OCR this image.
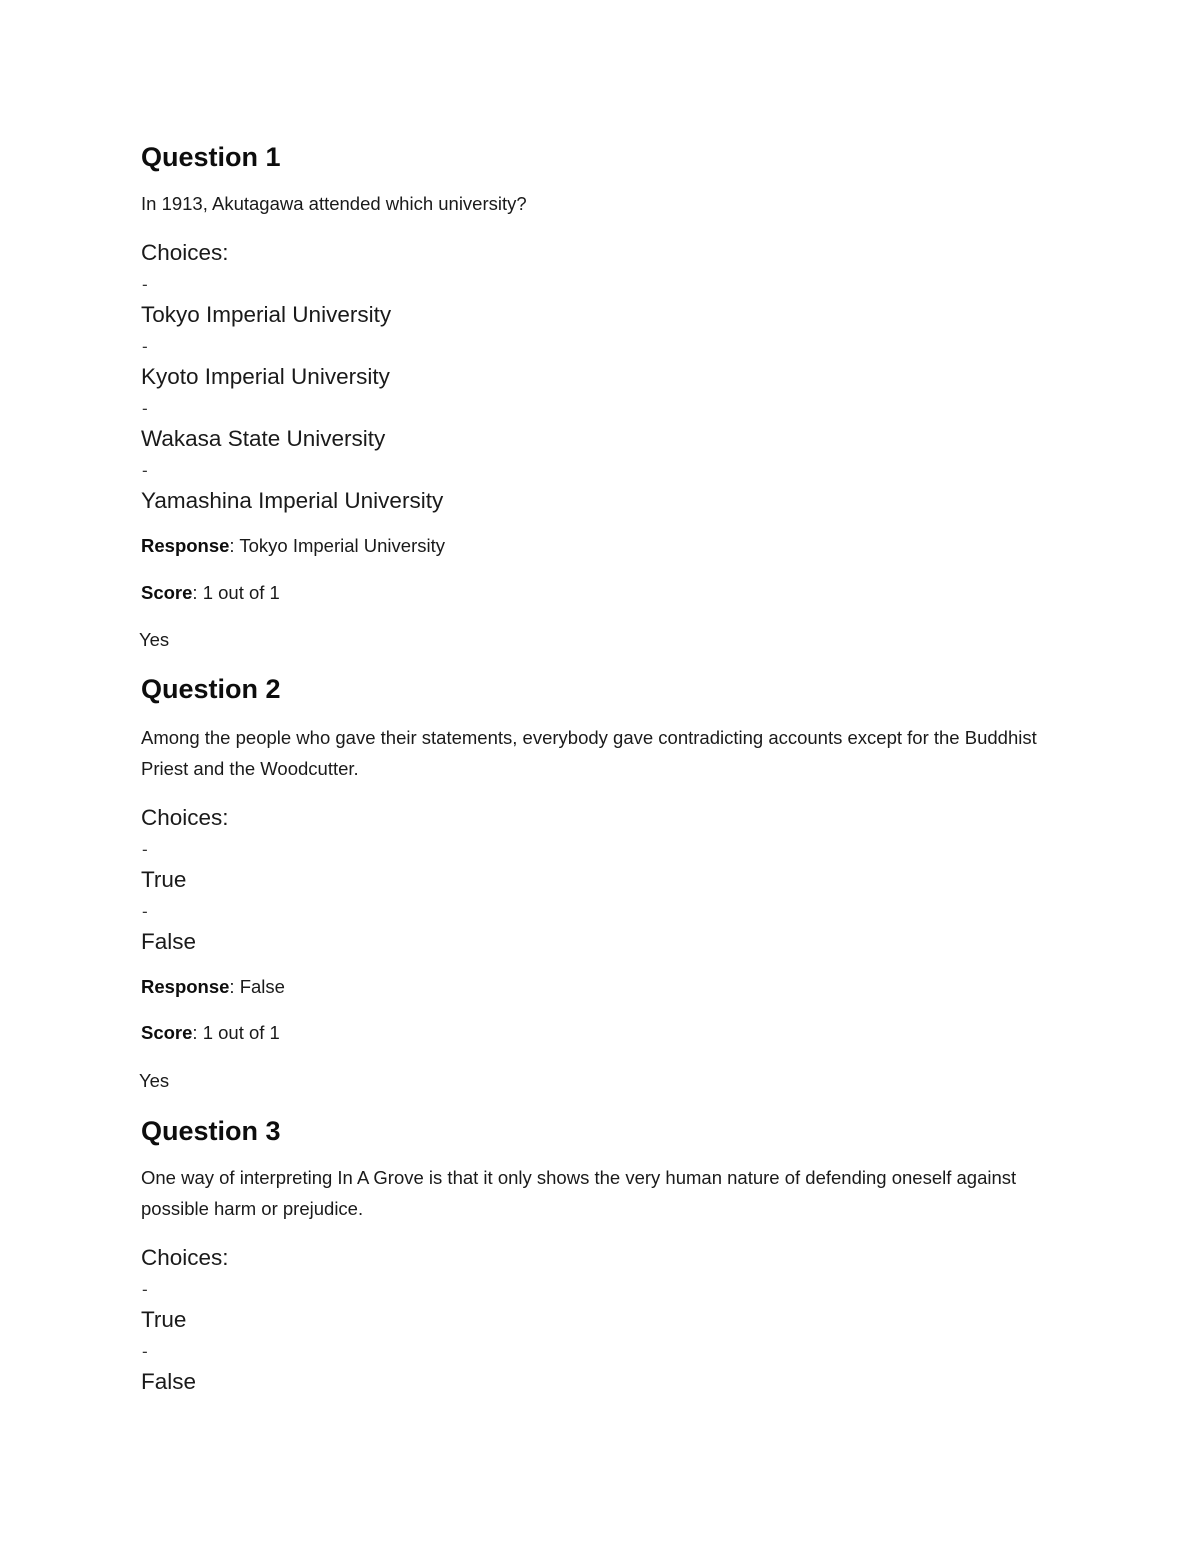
Question 1

In 1913, Akutagawa attended which university?

Choices:

-
Tokyo Imperial University
-
Kyoto Imperial University
-
Wakasa State University
-
Yamashina Imperial University
Response: Tokyo Imperial University
Score: 1 out of 1
Yes
Question 2

Among the people who gave their statements, everybody gave contradicting accounts except for the Buddhist Priest and the Woodcutter.

Choices:

-
True
-
False
Response: False
Score: 1 out of 1
Yes
Question 3

One way of interpreting In A Grove is that it only shows the very human nature of defending oneself against possible harm or prejudice.

Choices:

-
True
-
False
